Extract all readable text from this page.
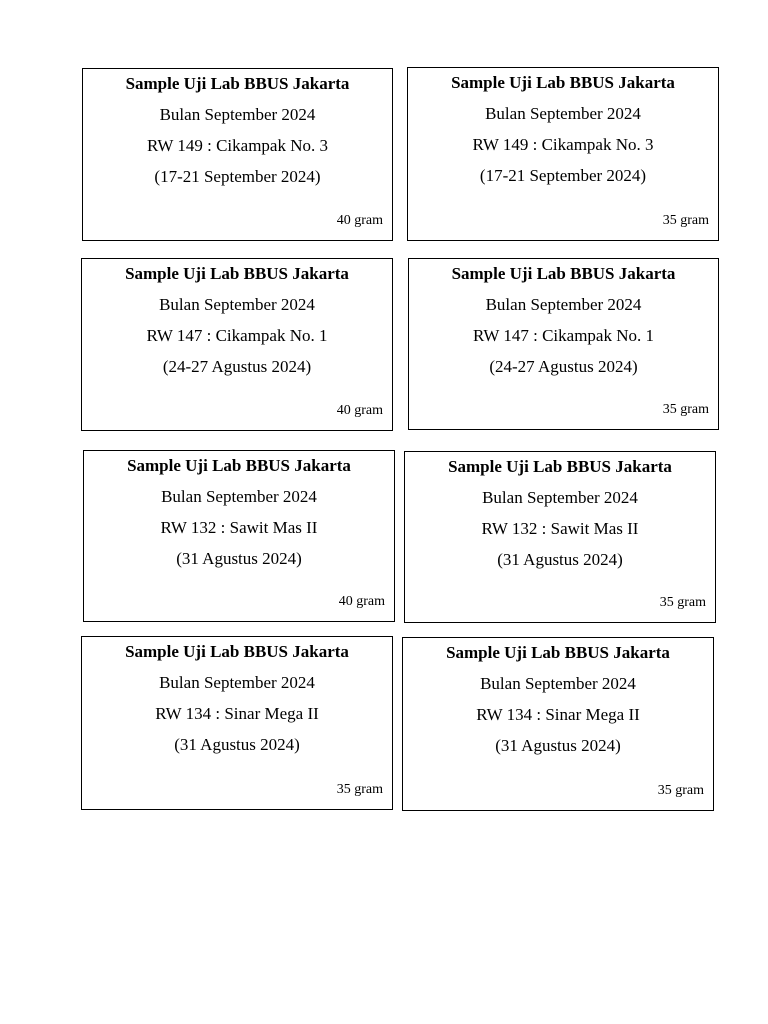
Sample Uji Lab BBUS Jakarta
Bulan September 2024
RW 149 : Cikampak No. 3
(17-21 September 2024)
40 gram
Sample Uji Lab BBUS Jakarta
Bulan September 2024
RW 149 : Cikampak No. 3
(17-21 September 2024)
35 gram
Sample Uji Lab BBUS Jakarta
Bulan September 2024
RW 147 : Cikampak No. 1
(24-27 Agustus 2024)
40 gram
Sample Uji Lab BBUS Jakarta
Bulan September 2024
RW 147 : Cikampak No. 1
(24-27 Agustus 2024)
35 gram
Sample Uji Lab BBUS Jakarta
Bulan September 2024
RW 132 : Sawit Mas II
(31 Agustus 2024)
40 gram
Sample Uji Lab BBUS Jakarta
Bulan September 2024
RW 132 : Sawit Mas II
(31 Agustus 2024)
35 gram
Sample Uji Lab BBUS Jakarta
Bulan September 2024
RW 134 : Sinar Mega II
(31 Agustus 2024)
35 gram
Sample Uji Lab BBUS Jakarta
Bulan September 2024
RW 134 : Sinar Mega II
(31 Agustus 2024)
35 gram
